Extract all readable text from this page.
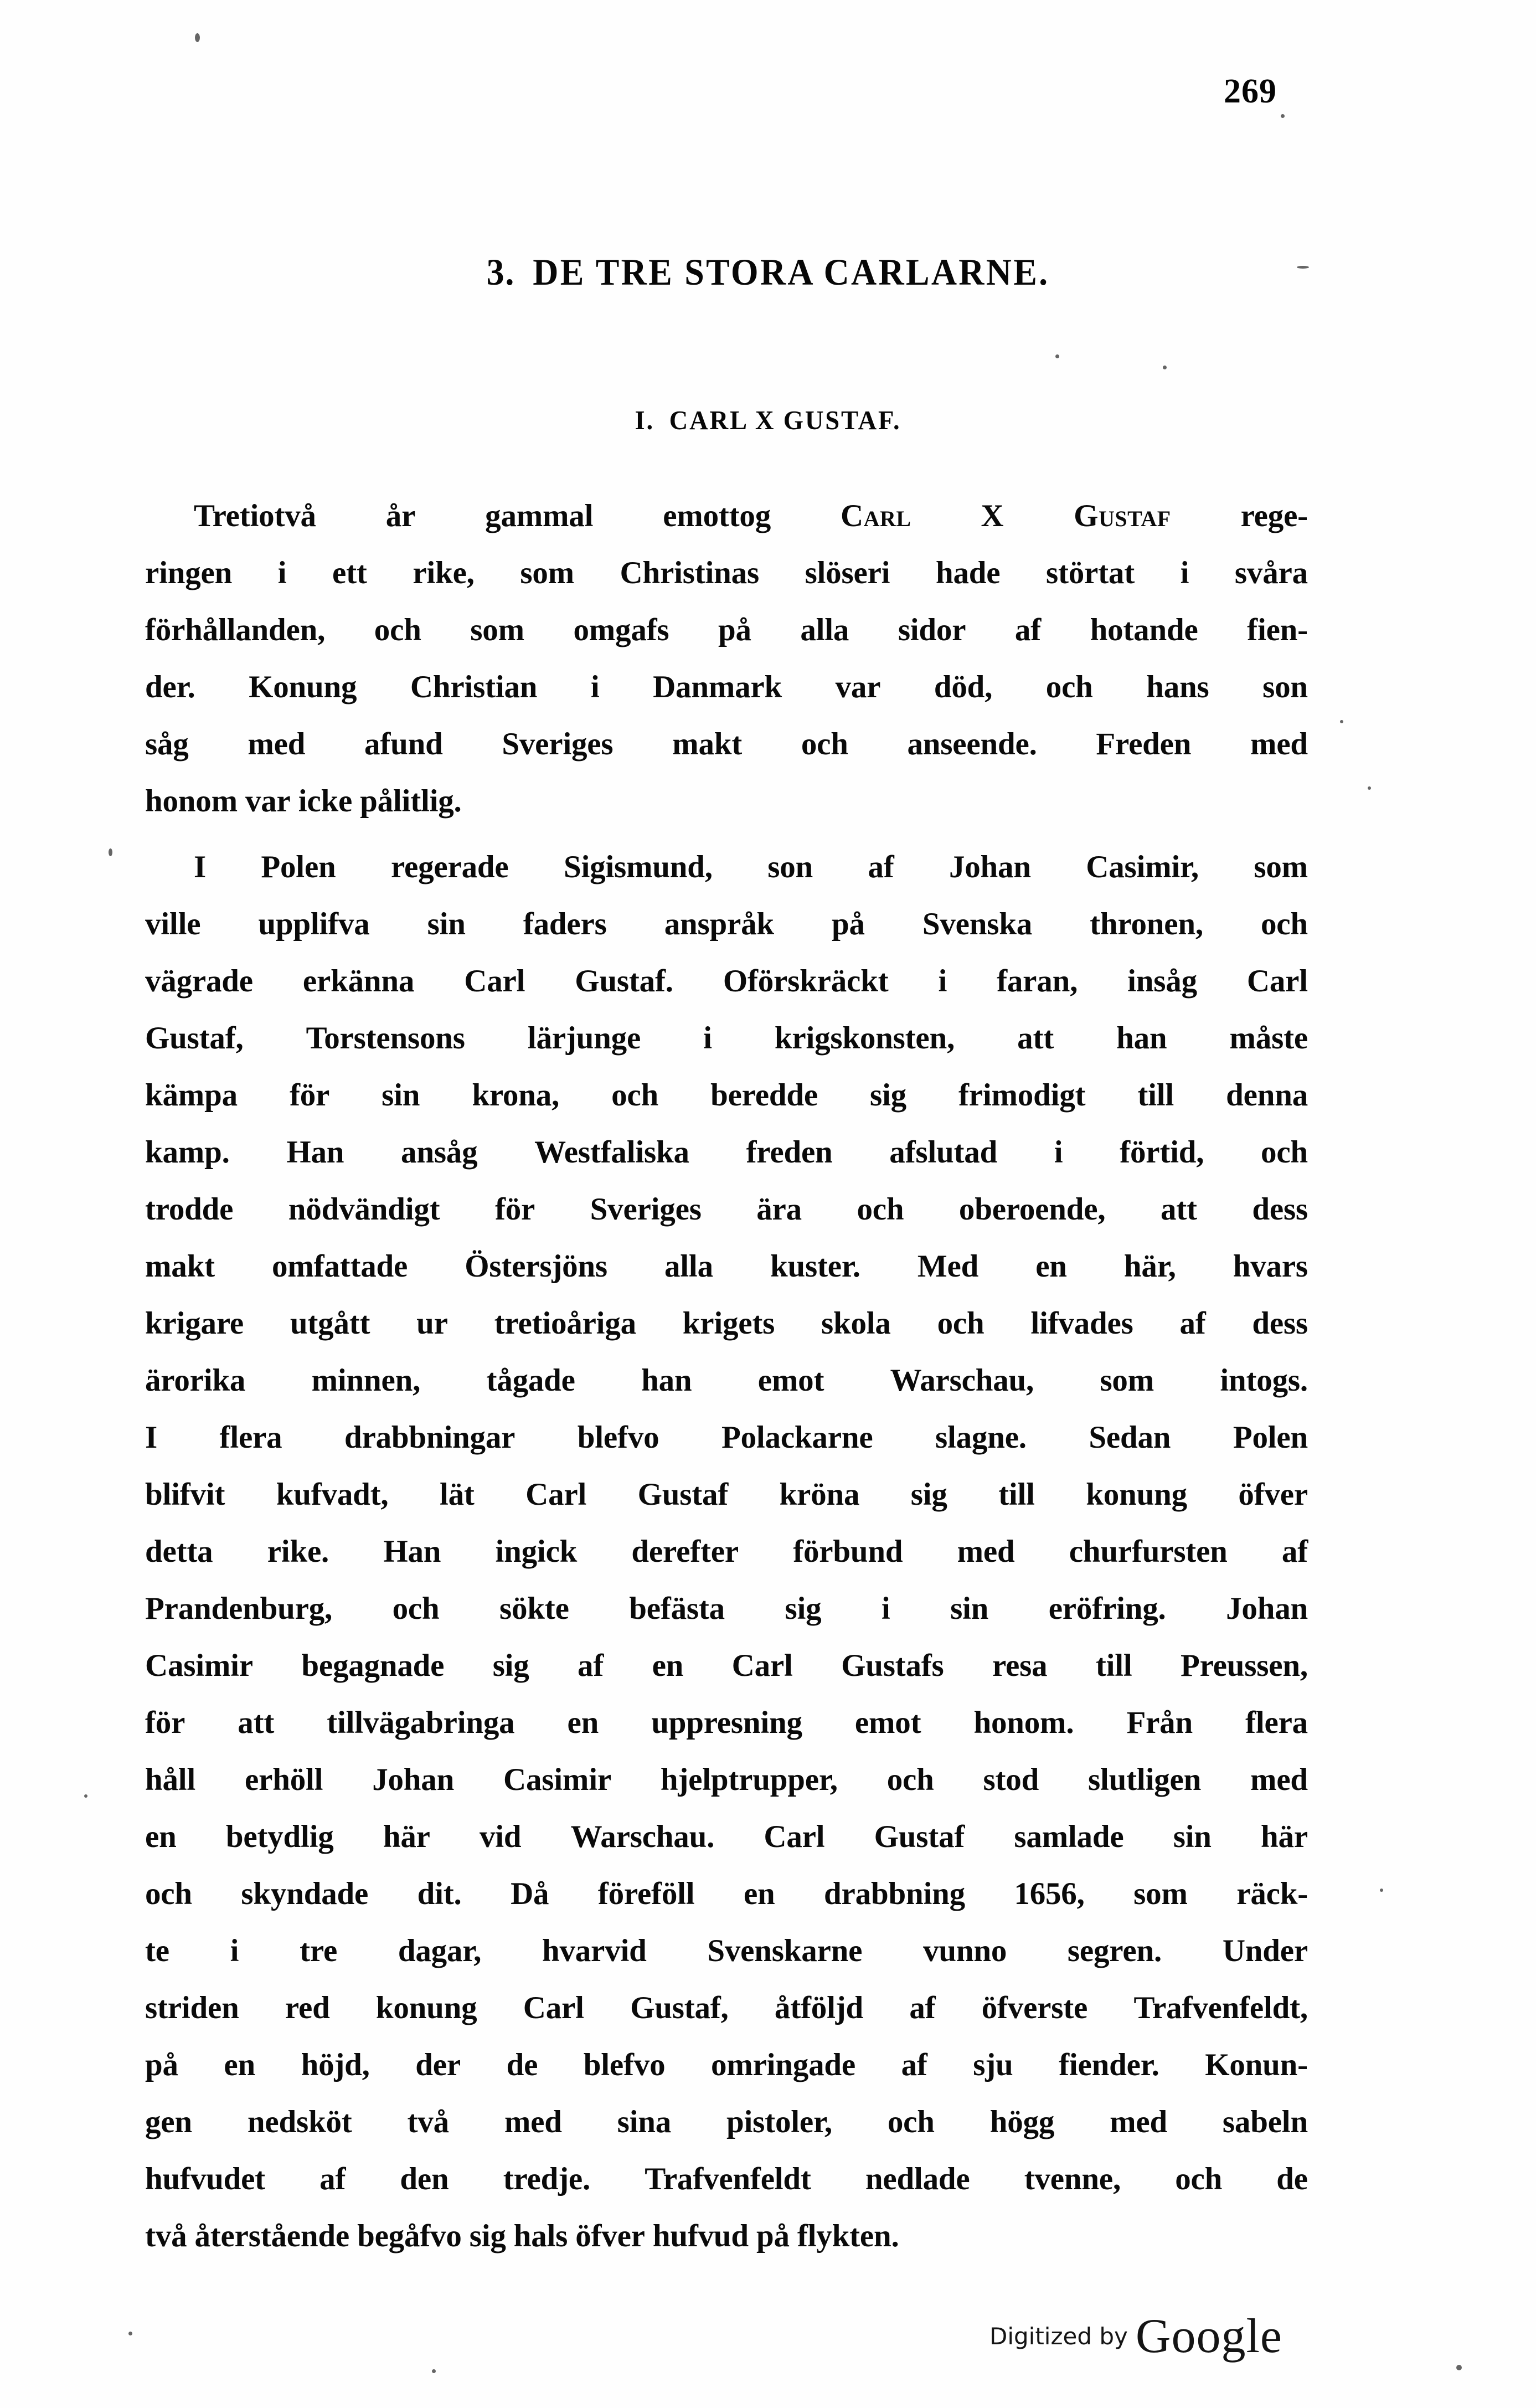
269
3. DE TRE STORA CARLARNE.
I. CARL X GUSTAF.

Tretiotvå år gammal emottog Carl X Gustaf rege-
ringen i ett rike, som Christinas slöseri hade störtat i svåra
förhållanden, och som omgafs på alla sidor af hotande fien-
der. Konung Christian i Danmark var död, och hans son
såg med afund Sveriges makt och anseende. Freden med
honom var icke pålitlig.

I Polen regerade Sigismund, son af Johan Casimir, som
ville upplifva sin faders anspråk på Svenska thronen, och
vägrade erkänna Carl Gustaf. Oförskräckt i faran, insåg Carl
Gustaf, Torstensons lärjunge i krigskonsten, att han måste
kämpa för sin krona, och beredde sig frimodigt till denna
kamp. Han ansåg Westfaliska freden afslutad i förtid, och
trodde nödvändigt för Sveriges ära och oberoende, att dess
makt omfattade Östersjöns alla kuster. Med en här, hvars
krigare utgått ur tretioåriga krigets skola och lifvades af dess
ärorika minnen, tågade han emot Warschau, som intogs.
I flera drabbningar blefvo Polackarne slagne. Sedan Polen
blifvit kufvadt, lät Carl Gustaf kröna sig till konung öfver
detta rike. Han ingick derefter förbund med churfursten af
Prandenburg, och sökte befästa sig i sin eröfring. Johan
Casimir begagnade sig af en Carl Gustafs resa till Preussen,
för att tillvägabringa en uppresning emot honom. Från flera
håll erhöll Johan Casimir hjelptrupper, och stod slutligen med
en betydlig här vid Warschau. Carl Gustaf samlade sin här
och skyndade dit. Då föreföll en drabbning 1656, som räck-
te i tre dagar, hvarvid Svenskarne vunno segren. Under
striden red konung Carl Gustaf, åtföljd af öfverste Trafvenfeldt,
på en höjd, der de blefvo omringade af sju fiender. Konun-
gen nedsköt två med sina pistoler, och högg med sabeln
hufvudet af den tredje. Trafvenfeldt nedlade tvenne, och de
två återstående begåfvo sig hals öfver hufvud på flykten.

Digitized by Google
